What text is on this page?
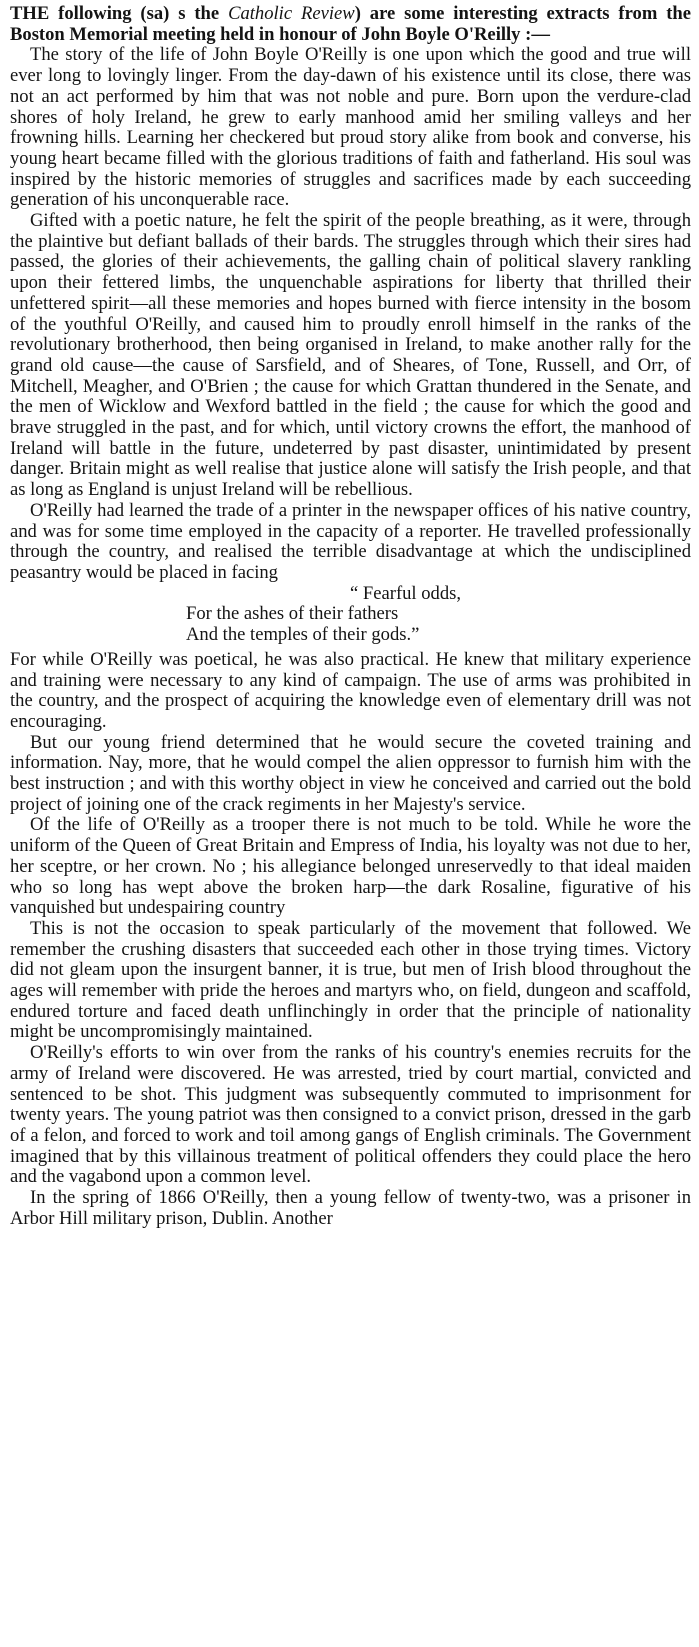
THE following (sa) s the Catholic Review) are some interesting extracts from the Boston Memorial meeting held in honour of John Boyle O'Reilly :—

The story of the life of John Boyle O'Reilly is one upon which the good and true will ever long to lovingly linger. From the day-dawn of his existence until its close, there was not an act performed by him that was not noble and pure. Born upon the verdure-clad shores of holy Ireland, he grew to early manhood amid her smiling valleys and her frowning hills. Learning her checkered but proud story alike from book and converse, his young heart became filled with the glorious traditions of faith and fatherland. His soul was inspired by the historic memories of struggles and sacrifices made by each succeeding generation of his unconquerable race.

Gifted with a poetic nature, he felt the spirit of the people breathing, as it were, through the plaintive but defiant ballads of their bards. The struggles through which their sires had passed, the glories of their achievements, the galling chain of political slavery rankling upon their fettered limbs, the unquenchable aspirations for liberty that thrilled their unfettered spirit—all these memories and hopes burned with fierce intensity in the bosom of the youthful O'Reilly, and caused him to proudly enroll himself in the ranks of the revolutionary brotherhood, then being organised in Ireland, to make another rally for the grand old cause—the cause of Sarsfield, and of Sheares, of Tone, Russell, and Orr, of Mitchell, Meagher, and O'Brien ; the cause for which Grattan thundered in the Senate, and the men of Wicklow and Wexford battled in the field ; the cause for which the good and brave struggled in the past, and for which, until victory crowns the effort, the manhood of Ireland will battle in the future, undeterred by past disaster, unintimidated by present danger. Britain might as well realise that justice alone will satisfy the Irish people, and that as long as England is unjust Ireland will be rebellious.

O'Reilly had learned the trade of a printer in the newspaper offices of his native country, and was for some time employed in the capacity of a reporter. He travelled professionally through the country, and realised the terrible disadvantage at which the undisciplined peasantry would be placed in facing

“ Fearful odds,
For the ashes of their fathers
And the temples of their gods.”

For while O'Reilly was poetical, he was also practical. He knew that military experience and training were necessary to any kind of campaign. The use of arms was prohibited in the country, and the prospect of acquiring the knowledge even of elementary drill was not encouraging.

But our young friend determined that he would secure the coveted training and information. Nay, more, that he would compel the alien oppressor to furnish him with the best instruction ; and with this worthy object in view he conceived and carried out the bold project of joining one of the crack regiments in her Majesty's service.

Of the life of O'Reilly as a trooper there is not much to be told. While he wore the uniform of the Queen of Great Britain and Empress of India, his loyalty was not due to her, her sceptre, or her crown. No ; his allegiance belonged unreservedly to that ideal maiden who so long has wept above the broken harp—the dark Rosaline, figurative of his vanquished but undespairing country

This is not the occasion to speak particularly of the movement that followed. We remember the crushing disasters that succeeded each other in those trying times. Victory did not gleam upon the insurgent banner, it is true, but men of Irish blood throughout the ages will remember with pride the heroes and martyrs who, on field, dungeon and scaffold, endured torture and faced death unflinchingly in order that the principle of nationality might be uncompromisingly maintained.

O'Reilly's efforts to win over from the ranks of his country's enemies recruits for the army of Ireland were discovered. He was arrested, tried by court martial, convicted and sentenced to be shot. This judgment was subsequently commuted to imprisonment for twenty years. The young patriot was then consigned to a convict prison, dressed in the garb of a felon, and forced to work and toil among gangs of English criminals. The Government imagined that by this villainous treatment of political offenders they could place the hero and the vagabond upon a common level.

In the spring of 1866 O'Reilly, then a young fellow of twenty-two, was a prisoner in Arbor Hill military prison, Dublin. Another
